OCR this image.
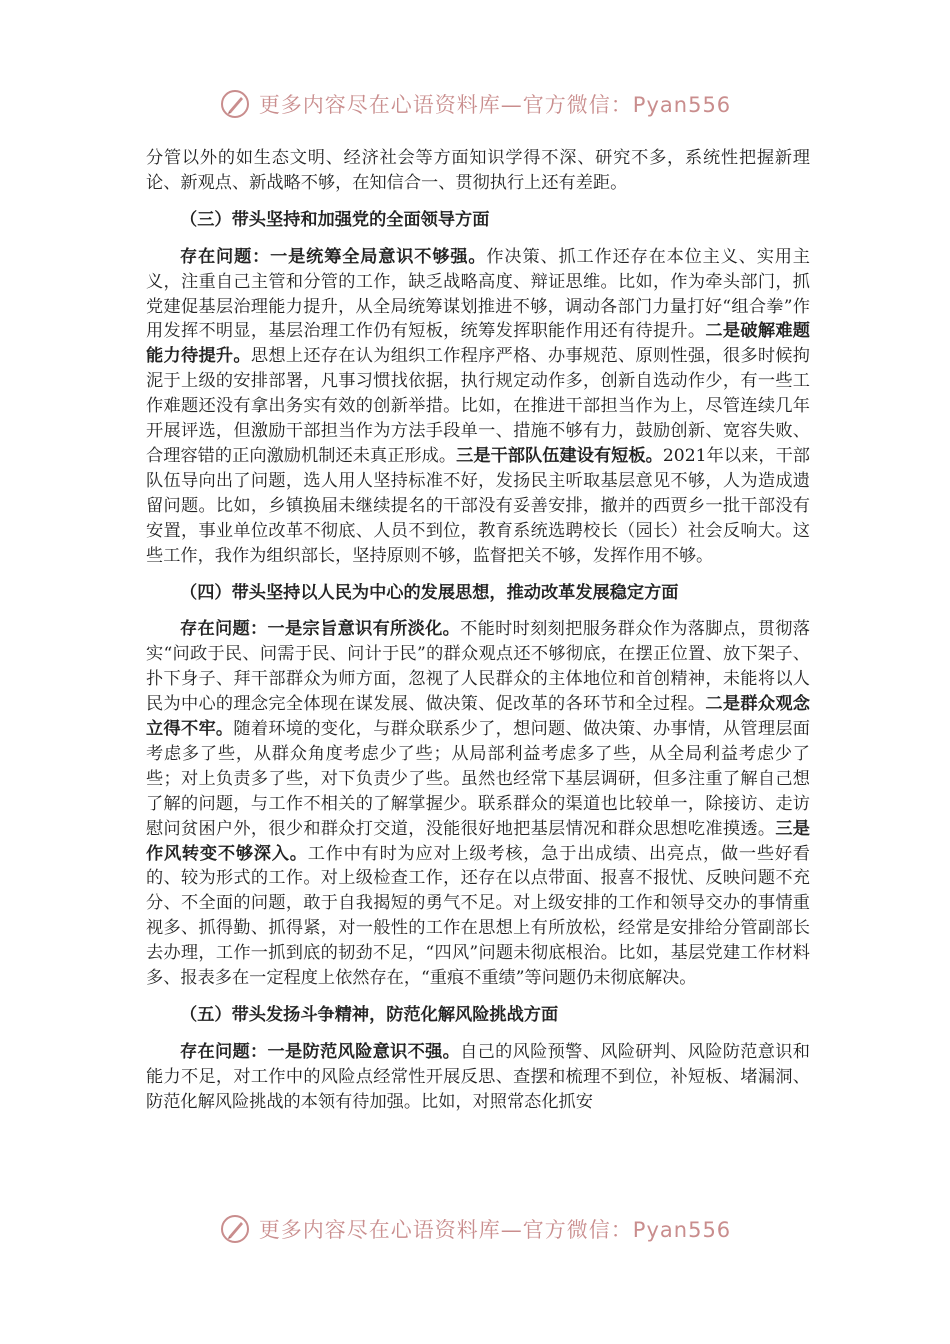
更多内容尽在心语资料库—官方微信：Pyan556

分管以外的如生态文明、经济社会等方面知识学得不深、研究不多，系统性把握新理论、新观点、新战略不够，在知信合一、贯彻执行上还有差距。

（三）带头坚持和加强党的全面领导方面

存在问题：一是统筹全局意识不够强。作决策、抓工作还存在本位主义、实用主义，注重自己主管和分管的工作，缺乏战略高度、辩证思维。比如，作为牵头部门，抓党建促基层治理能力提升，从全局统筹谋划推进不够，调动各部门力量打好“组合拳”作用发挥不明显，基层治理工作仍有短板，统筹发挥职能作用还有待提升。二是破解难题能力待提升。思想上还存在认为组织工作程序严格、办事规范、原则性强，很多时候拘泥于上级的安排部署，凡事习惯找依据，执行规定动作多，创新自选动作少，有一些工作难题还没有拿出务实有效的创新举措。比如，在推进干部担当作为上，尽管连续几年开展评选，但激励干部担当作为方法手段单一、措施不够有力，鼓励创新、宽容失败、合理容错的正向激励机制还未真正形成。三是干部队伍建设有短板。2021年以来，干部队伍导向出了问题，选人用人坚持标准不好，发扬民主听取基层意见不够，人为造成遗留问题。比如，乡镇换届未继续提名的干部没有妥善安排，撤并的西贾乡一批干部没有安置，事业单位改革不彻底、人员不到位，教育系统选聘校长（园长）社会反响大。这些工作，我作为组织部长，坚持原则不够，监督把关不够，发挥作用不够。

（四）带头坚持以人民为中心的发展思想，推动改革发展稳定方面

存在问题：一是宗旨意识有所淡化。不能时时刻刻把服务群众作为落脚点，贯彻落实“问政于民、问需于民、问计于民”的群众观点还不够彻底，在摆正位置、放下架子、扑下身子、拜干部群众为师方面，忽视了人民群众的主体地位和首创精神，未能将以人民为中心的理念完全体现在谋发展、做决策、促改革的各环节和全过程。二是群众观念立得不牢。随着环境的变化，与群众联系少了，想问题、做决策、办事情，从管理层面考虑多了些，从群众角度考虑少了些；从局部利益考虑多了些，从全局利益考虑少了些；对上负责多了些，对下负责少了些。虽然也经常下基层调研，但多注重了解自己想了解的问题，与工作不相关的了解掌握少。联系群众的渠道也比较单一，除接访、走访慰问贫困户外，很少和群众打交道，没能很好地把基层情况和群众思想吃准摸透。三是作风转变不够深入。工作中有时为应对上级考核，急于出成绩、出亮点，做一些好看的、较为形式的工作。对上级检查工作，还存在以点带面、报喜不报忧、反映问题不充分、不全面的问题，敢于自我揭短的勇气不足。对上级安排的工作和领导交办的事情重视多、抓得勤、抓得紧，对一般性的工作在思想上有所放松，经常是安排给分管副部长去办理，工作一抓到底的韧劲不足，“四风”问题未彻底根治。比如，基层党建工作材料多、报表多在一定程度上依然存在，“重痕不重绩”等问题仍未彻底解决。

（五）带头发扬斗争精神，防范化解风险挑战方面

存在问题：一是防范风险意识不强。自己的风险预警、风险研判、风险防范意识和能力不足，对工作中的风险点经常性开展反思、查摆和梳理不到位，补短板、堵漏洞、防范化解风险挑战的本领有待加强。比如，对照常态化抓安

更多内容尽在心语资料库—官方微信：Pyan556
